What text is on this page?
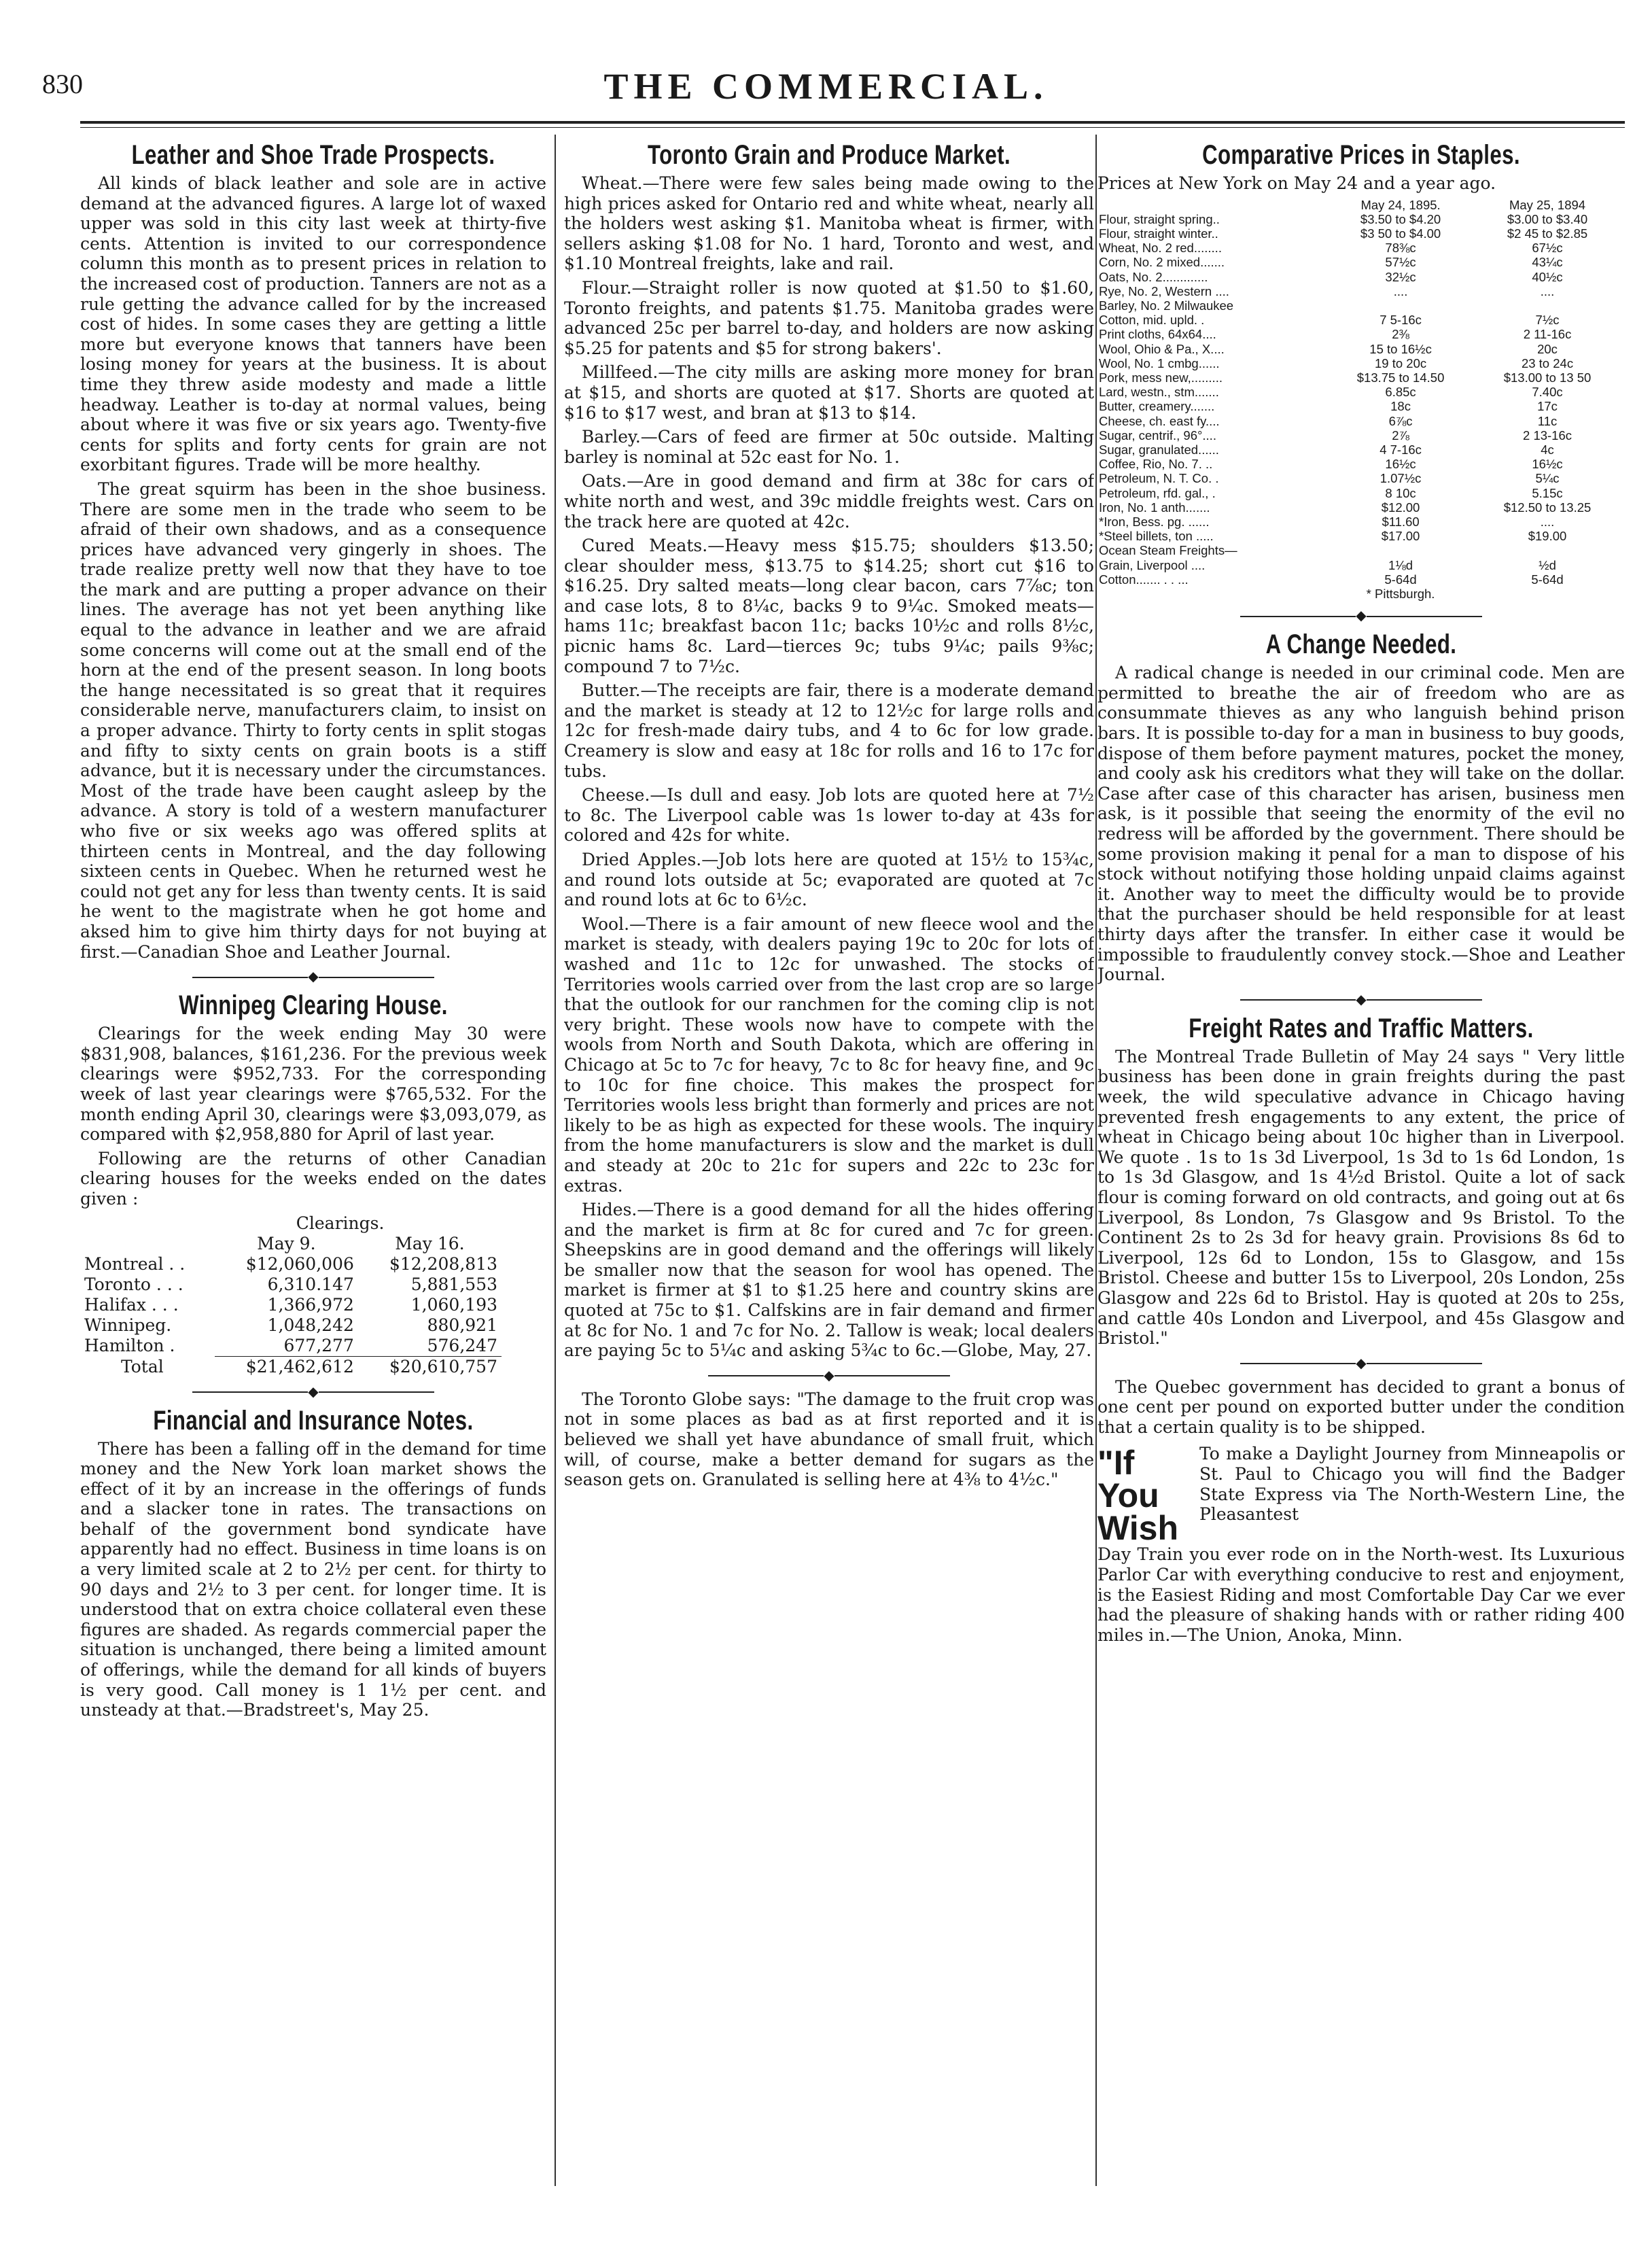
830	THE COMMERCIAL.
Leather and Shoe Trade Prospects.

All kinds of black leather and sole are in active demand at the advanced figures. A large lot of waxed upper was sold in this city last week at thirty-five cents. Attention is invited to our correspondence column this month as to present prices in relation to the increased cost of production. Tanners are not as a rule getting the advance called for by the increased cost of hides. In some cases they are getting a little more but everyone knows that tanners have been losing money for years at the business. It is about time they threw aside modesty and made a little headway. Leather is to-day at normal values, being about where it was five or six years ago. Twenty-five cents for splits and forty cents for grain are not exorbitant figures. Trade will be more healthy.

The great squirm has been in the shoe business. There are some men in the trade who seem to be afraid of their own shadows, and as a consequence prices have advanced very gingerly in shoes. The trade realize pretty well now that they have to toe the mark and are putting a proper advance on their lines. The average has not yet been anything like equal to the advance in leather and we are afraid some concerns will come out at the small end of the horn at the end of the present season. In long boots the hange necessitated is so great that it requires considerable nerve, manufacturers claim, to insist on a proper advance. Thirty to forty cents in split stogas and fifty to sixty cents on grain boots is a stiff advance, but it is necessary under the circumstances. Most of the trade have been caught asleep by the advance. A story is told of a western manufacturer who five or six weeks ago was offered splits at thirteen cents in Montreal, and the day following sixteen cents in Quebec. When he returned west he could not get any for less than twenty cents. It is said he went to the magistrate when he got home and aksed him to give him thirty days for not buying at first.—Canadian Shoe and Leather Journal.

◆
Winnipeg Clearing House.

Clearings for the week ending May 30 were $831,908, balances, $161,236. For the previous week clearings were $952,733. For the corresponding week of last year clearings were $765,532. For the month ending April 30, clearings were $3,093,079, as compared with $2,958,880 for April of last year.

Following are the returns of other Canadian clearing houses for the weeks ended on the dates given :

	Clearings.	
	May 9.	May 16.
Montreal . .	$12,060,006	$12,208,813
Toronto . . .	6,310.147	5,881,553
Halifax . . .	1,366,972	1,060,193
Winnipeg.	1,048,242	880,921
Hamilton .	677,277	576,247

Total	$21,462,612	$20,610,757
◆
Financial and Insurance Notes.

There has been a falling off in the demand for time money and the New York loan market shows the effect of it by an increase in the offerings of funds and a slacker tone in rates. The transactions on behalf of the government bond syndicate have apparently had no effect. Business in time loans is on a very limited scale at 2 to 2½ per cent. for thirty to 90 days and 2½ to 3 per cent. for longer time. It is understood that on extra choice collateral even these figures are shaded. As regards commercial paper the situation is unchanged, there being a limited amount of offerings, while the demand for all kinds of buyers is very good. Call money is 1 1½ per cent. and unsteady at that.—Bradstreet's, May 25.

Toronto Grain and Produce Market.

Wheat.—There were few sales being made owing to the high prices asked for Ontario red and white wheat, nearly all the holders west asking $1. Manitoba wheat is firmer, with sellers asking $1.08 for No. 1 hard, Toronto and west, and $1.10 Montreal freights, lake and rail.

Flour.—Straight roller is now quoted at $1.50 to $1.60, Toronto freights, and patents $1.75. Manitoba grades were advanced 25c per barrel to-day, and holders are now asking $5.25 for patents and $5 for strong bakers'.

Millfeed.—The city mills are asking more money for bran at $15, and shorts are quoted at $17. Shorts are quoted at $16 to $17 west, and bran at $13 to $14.

Barley.—Cars of feed are firmer at 50c outside. Malting barley is nominal at 52c east for No. 1.

Oats.—Are in good demand and firm at 38c for cars of white north and west, and 39c middle freights west. Cars on the track here are quoted at 42c.

Cured Meats.—Heavy mess $15.75; shoulders $13.50; clear shoulder mess, $13.75 to $14.25; short cut $16 to $16.25. Dry salted meats—long clear bacon, cars 7⅞c; ton and case lots, 8 to 8¼c, backs 9 to 9¼c. Smoked meats—hams 11c; breakfast bacon 11c; backs 10½c and rolls 8½c, picnic hams 8c. Lard—tierces 9c; tubs 9¼c; pails 9⅜c; compound 7 to 7½c.

Butter.—The receipts are fair, there is a moderate demand and the market is steady at 12 to 12½c for large rolls and 12c for fresh-made dairy tubs, and 4 to 6c for low grade. Creamery is slow and easy at 18c for rolls and 16 to 17c for tubs.

Cheese.—Is dull and easy. Job lots are quoted here at 7½ to 8c. The Liverpool cable was 1s lower to-day at 43s for colored and 42s for white.

Dried Apples.—Job lots here are quoted at 15½ to 15¾c, and round lots outside at 5c; evaporated are quoted at 7c and round lots at 6c to 6½c.

Wool.—There is a fair amount of new fleece wool and the market is steady, with dealers paying 19c to 20c for lots of washed and 11c to 12c for unwashed. The stocks of Territories wools carried over from the last crop are so large that the outlook for our ranchmen for the coming clip is not very bright. These wools now have to compete with the wools from North and South Dakota, which are offering in Chicago at 5c to 7c for heavy, 7c to 8c for heavy fine, and 9c to 10c for fine choice. This makes the prospect for Territories wools less bright than formerly and prices are not likely to be as high as expected for these wools. The inquiry from the home manufacturers is slow and the market is dull and steady at 20c to 21c for supers and 22c to 23c for extras.

Hides.—There is a good demand for all the hides offering and the market is firm at 8c for cured and 7c for green. Sheepskins are in good demand and the offerings will likely be smaller now that the season for wool has opened. The market is firmer at $1 to $1.25 here and country skins are quoted at 75c to $1. Calfskins are in fair demand and firmer at 8c for No. 1 and 7c for No. 2. Tallow is weak; local dealers are paying 5c to 5¼c and asking 5¾c to 6c.—Globe, May, 27.

◆

The Toronto Globe says: "The damage to the fruit crop was not in some places as bad as at first reported and it is believed we shall yet have abundance of small fruit, which will, of course, make a better demand for sugars as the season gets on. Granulated is selling here at 4⅜ to 4½c."

Comparative Prices in Staples.

Prices at New York on May 24 and a year ago.

	May 24, 1895.	May 25, 1894
Flour, straight spring..	$3.50 to $4.20	$3.00 to $3.40
Flour, straight winter..	$3 50 to $4.00	$2 45 to $2.85
Wheat, No. 2 red........	78⅜c	67½c
Corn, No. 2 mixed.......	57½c	43¼c
Oats, No. 2.............	32½c	40½c
Rye, No. 2, Western ....	....	....
Barley, No. 2 Milwaukee		
Cotton, mid. upld. .	7 5-16c	7½c
Print cloths, 64x64....	2⅜	2 11-16c
Wool, Ohio & Pa., X....	15 to 16½c	20c
Wool, No. 1 cmbg......	19 to 20c	23 to 24c
Pork, mess new,.........	$13.75 to 14.50	$13.00 to 13 50
Lard, westn., stm.......	6.85c	7.40c
Butter, creamery.......	18c	17c
Cheese, ch. east fy....	6⅞c	11c
Sugar, centrif., 96°....	2⅞	2 13-16c
Sugar, granulated......	4 7-16c	4c
Coffee, Rio, No. 7. ..	16½c	16½c
Petroleum, N. T. Co. .	1.07½c	5¼c
Petroleum, rfd. gal., .	8 10c	5.15c
Iron, No. 1 anth.......	$12.00	$12.50 to 13.25
*Iron, Bess. pg. ......	$11.60	....
*Steel billets, ton .....	$17.00	$19.00
Ocean Steam Freights—		
Grain, Liverpool ....	1⅛d	½d
Cotton....... . . ...	5-64d	5-64d
	* Pittsburgh.	
◆
A Change Needed.

A radical change is needed in our criminal code. Men are permitted to breathe the air of freedom who are as consummate thieves as any who languish behind prison bars. It is possible to-day for a man in business to buy goods, dispose of them before payment matures, pocket the money, and cooly ask his creditors what they will take on the dollar. Case after case of this character has arisen, business men ask, is it possible that seeing the enormity of the evil no redress will be afforded by the government. There should be some provision making it penal for a man to dispose of his stock without notifying those holding unpaid claims against it. Another way to meet the difficulty would be to provide that the purchaser should be held responsible for at least thirty days after the transfer. In either case it would be impossible to fraudulently convey stock.—Shoe and Leather Journal.

◆
Freight Rates and Traffic Matters.

The Montreal Trade Bulletin of May 24 says " Very little business has been done in grain freights during the past week, the wild speculative advance in Chicago having prevented fresh engagements to any extent, the price of wheat in Chicago being about 10c higher than in Liverpool. We quote . 1s to 1s 3d Liverpool, 1s 3d to 1s 6d London, 1s to 1s 3d Glasgow, and 1s 4½d Bristol. Quite a lot of sack flour is coming forward on old contracts, and going out at 6s Liverpool, 8s London, 7s Glasgow and 9s Bristol. To the Continent 2s to 2s 3d for heavy grain. Provisions 8s 6d to Liverpool, 12s 6d to London, 15s to Glasgow, and 15s Bristol. Cheese and butter 15s to Liverpool, 20s London, 25s Glasgow and 22s 6d to Bristol. Hay is quoted at 20s to 25s, and cattle 40s London and Liverpool, and 45s Glasgow and Bristol."

◆

The Quebec government has decided to grant a bonus of one cent per pound on exported butter under the condition that a certain quality is to be shipped.

"If
You
Wish

To make a Daylight Journey from Minneapolis or St. Paul to Chicago you will find the Badger State Express via The North-Western Line, the Pleasantest

Day Train you ever rode on in the North-west. Its Luxurious Parlor Car with everything conducive to rest and enjoyment, is the Easiest Riding and most Comfortable Day Car we ever had the pleasure of shaking hands with or rather riding 400 miles in.—The Union, Anoka, Minn.
